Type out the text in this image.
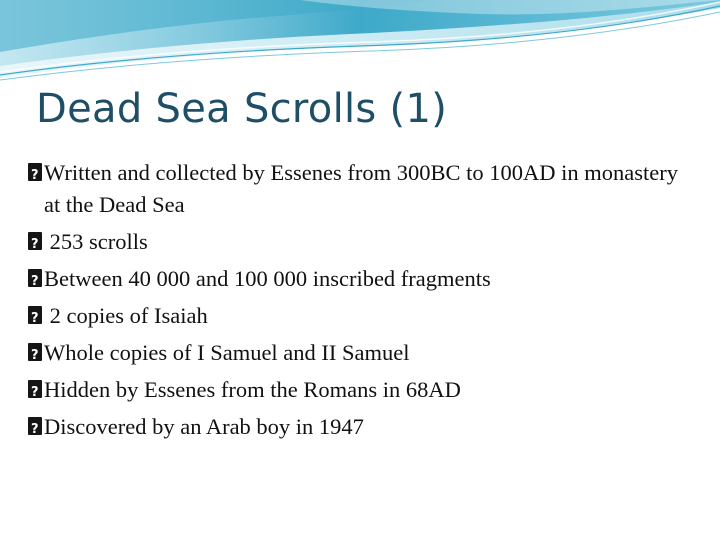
Dead Sea Scrolls (1)
?
Written and collected by Essenes from 300BC to 100AD in monastery at the Dead Sea
?
253 scrolls
?
Between 40 000 and 100 000 inscribed fragments
?
2 copies of Isaiah
?
Whole copies of I Samuel and II Samuel
?
Hidden by Essenes from the Romans in 68AD
?
Discovered by an Arab boy in 1947
